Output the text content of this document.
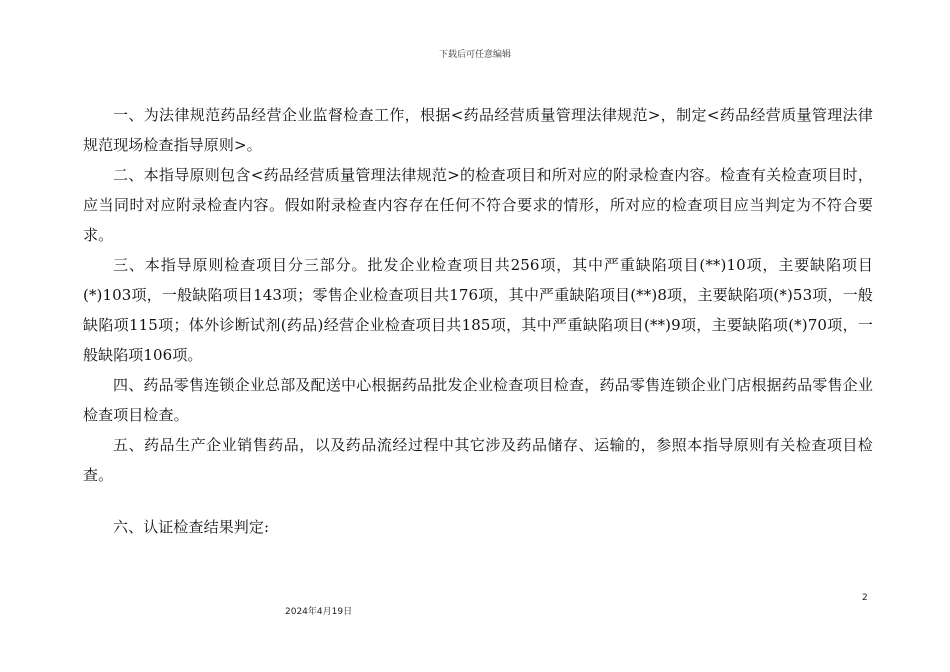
下载后可任意编辑

一、为法律规范药品经营企业监督检查工作，根据<药品经营质量管理法律规范>，制定<药品经营质量管理法律规范现场检查指导原则>。

二、本指导原则包含<药品经营质量管理法律规范>的检查项目和所对应的附录检查内容。检查有关检查项目时，应当同时对应附录检查内容。假如附录检查内容存在任何不符合要求的情形，所对应的检查项目应当判定为不符合要求。

三、本指导原则检查项目分三部分。批发企业检查项目共256项，其中严重缺陷项目(**)10项，主要缺陷项目(*)103项，一般缺陷项目143项；零售企业检查项目共176项，其中严重缺陷项目(**)8项，主要缺陷项(*)53项，一般缺陷项115项；体外诊断试剂(药品)经营企业检查项目共185项，其中严重缺陷项目(**)9项，主要缺陷项(*)70项，一般缺陷项106项。

四、药品零售连锁企业总部及配送中心根据药品批发企业检查项目检查，药品零售连锁企业门店根据药品零售企业检查项目检查。

五、药品生产企业销售药品，以及药品流经过程中其它涉及药品储存、运输的，参照本指导原则有关检查项目检查。

六、认证检查结果判定:

2
2024年4月19日
